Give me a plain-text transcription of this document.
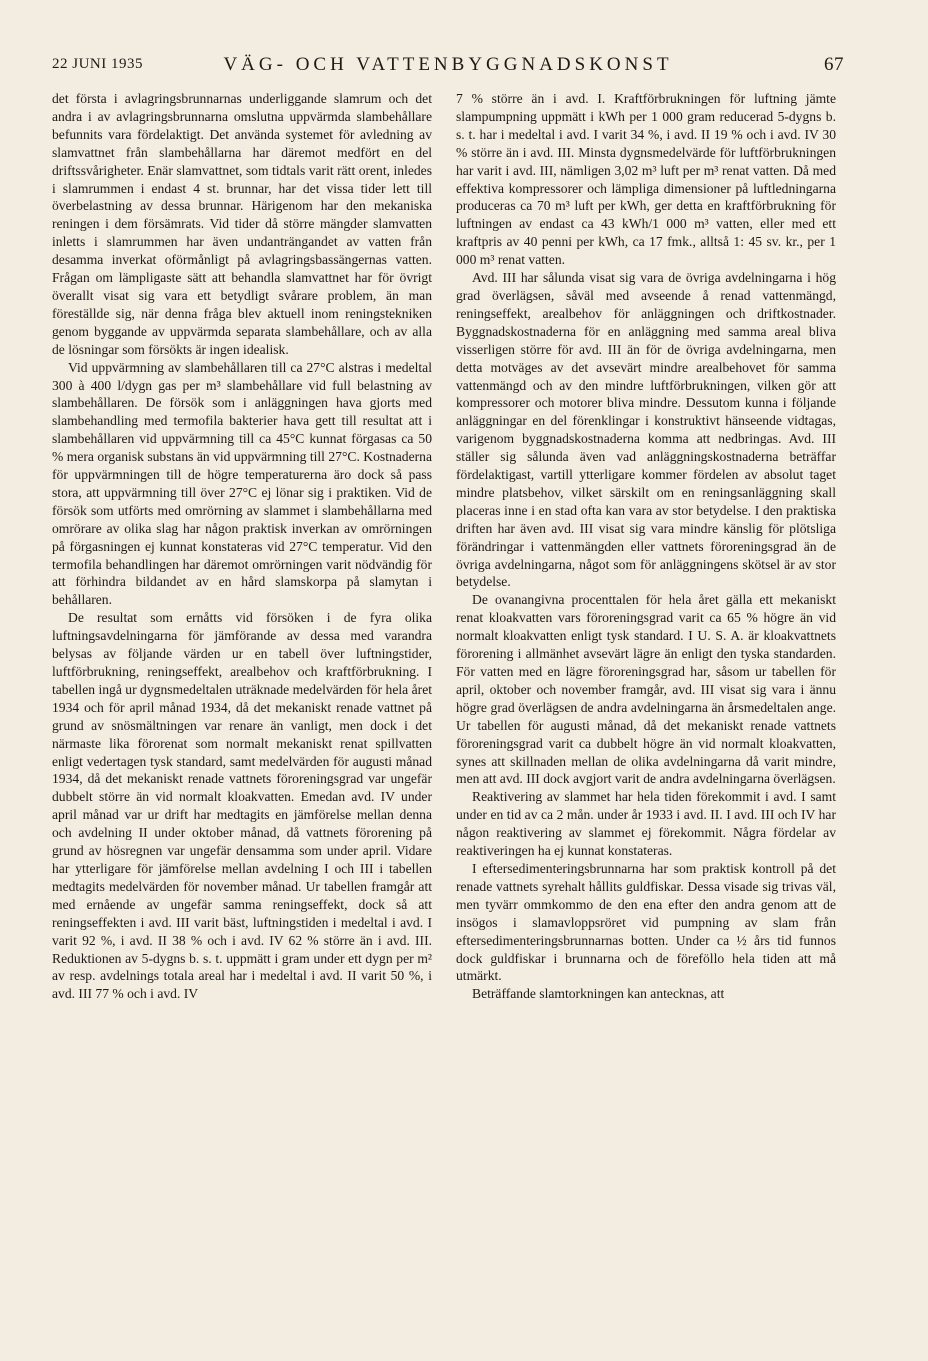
22 JUNI 1935	VÄG- OCH VATTENBYGGNADSKONST	67

det första i avlagringsbrunnarnas underliggande slamrum och det andra i av avlagringsbrunnarna omslutna uppvärmda slambehållare befunnits vara fördelaktigt. Det använda systemet för avledning av slamvattnet från slambehållarna har däremot medfört en del driftssvårigheter. Enär slamvattnet, som tidtals varit rätt orent, inledes i slamrummen i endast 4 st. brunnar, har det vissa tider lett till överbelastning av dessa brunnar. Härigenom har den mekaniska reningen i dem försämrats. Vid tider då större mängder slamvatten inletts i slamrummen har även undanträngandet av vatten från desamma inverkat oförmånligt på avlagringsbassängernas vatten. Frågan om lämpligaste sätt att behandla slamvattnet har för övrigt överallt visat sig vara ett betydligt svårare problem, än man föreställde sig, när denna fråga blev aktuell inom reningstekniken genom byggande av uppvärmda separata slambehållare, och av alla de lösningar som försökts är ingen idealisk.

Vid uppvärmning av slambehållaren till ca 27°C alstras i medeltal 300 à 400 l/dygn gas per m³ slambehållare vid full belastning av slambehållaren. De försök som i anläggningen hava gjorts med slambehandling med termofila bakterier hava gett till resultat att i slambehållaren vid uppvärmning till ca 45°C kunnat förgasas ca 50 % mera organisk substans än vid uppvärmning till 27°C. Kostnaderna för uppvärmningen till de högre temperaturerna äro dock så pass stora, att uppvärmning till över 27°C ej lönar sig i praktiken. Vid de försök som utförts med omrörning av slammet i slambehållarna med omrörare av olika slag har någon praktisk inverkan av omrörningen på förgasningen ej kunnat konstateras vid 27°C temperatur. Vid den termofila behandlingen har däremot omrörningen varit nödvändig för att förhindra bildandet av en hård slamskorpa på slamytan i behållaren.

De resultat som ernåtts vid försöken i de fyra olika luftningsavdelningarna för jämförande av dessa med varandra belysas av följande värden ur en tabell över luftningstider, luftförbrukning, reningseffekt, arealbehov och kraftförbrukning. I tabellen ingå ur dygnsmedeltalen uträknade medelvärden för hela året 1934 och för april månad 1934, då det mekaniskt renade vattnet på grund av snösmältningen var renare än vanligt, men dock i det närmaste lika förorenat som normalt mekaniskt renat spillvatten enligt vedertagen tysk standard, samt medelvärden för augusti månad 1934, då det mekaniskt renade vattnets föroreningsgrad var ungefär dubbelt större än vid normalt kloakvatten. Emedan avd. IV under april månad var ur drift har medtagits en jämförelse mellan denna och avdelning II under oktober månad, då vattnets förorening på grund av hösregnen var ungefär densamma som under april. Vidare har ytterligare för jämförelse mellan avdelning I och III i tabellen medtagits medelvärden för november månad. Ur tabellen framgår att med ernående av ungefär samma reningseffekt, dock så att reningseffekten i avd. III varit bäst, luftningstiden i medeltal i avd. I varit 92 %, i avd. II 38 % och i avd. IV 62 % större än i avd. III. Reduktionen av 5-dygns b. s. t. uppmätt i gram under ett dygn per m² av resp. avdelnings totala areal har i medeltal i avd. II varit 50 %, i avd. III 77 % och i avd. IV

7 % större än i avd. I. Kraftförbrukningen för luftning jämte slampumpning uppmätt i kWh per 1 000 gram reducerad 5-dygns b. s. t. har i medeltal i avd. I varit 34 %, i avd. II 19 % och i avd. IV 30 % större än i avd. III. Minsta dygnsmedelvärde för luftförbrukningen har varit i avd. III, nämligen 3,02 m³ luft per m³ renat vatten. Då med effektiva kompressorer och lämpliga dimensioner på luftledningarna produceras ca 70 m³ luft per kWh, ger detta en kraftförbrukning för luftningen av endast ca 43 kWh/1 000 m³ vatten, eller med ett kraftpris av 40 penni per kWh, ca 17 fmk., alltså 1: 45 sv. kr., per 1 000 m³ renat vatten.

Avd. III har sålunda visat sig vara de övriga avdelningarna i hög grad överlägsen, såväl med avseende å renad vattenmängd, reningseffekt, arealbehov för anläggningen och driftkostnader. Byggnadskostnaderna för en anläggning med samma areal bliva visserligen större för avd. III än för de övriga avdelningarna, men detta motväges av det avsevärt mindre arealbehovet för samma vattenmängd och av den mindre luftförbrukningen, vilken gör att kompressorer och motorer bliva mindre. Dessutom kunna i följande anläggningar en del förenklingar i konstruktivt hänseende vidtagas, varigenom byggnadskostnaderna komma att nedbringas. Avd. III ställer sig sålunda även vad anläggningskostnaderna beträffar fördelaktigast, vartill ytterligare kommer fördelen av absolut taget mindre platsbehov, vilket särskilt om en reningsanläggning skall placeras inne i en stad ofta kan vara av stor betydelse. I den praktiska driften har även avd. III visat sig vara mindre känslig för plötsliga förändringar i vattenmängden eller vattnets föroreningsgrad än de övriga avdelningarna, något som för anläggningens skötsel är av stor betydelse.

De ovanangivna procenttalen för hela året gälla ett mekaniskt renat kloakvatten vars föroreningsgrad varit ca 65 % högre än vid normalt kloakvatten enligt tysk standard. I U. S. A. är kloakvattnets förorening i allmänhet avsevärt lägre än enligt den tyska standarden. För vatten med en lägre föroreningsgrad har, såsom ur tabellen för april, oktober och november framgår, avd. III visat sig vara i ännu högre grad överlägsen de andra avdelningarna än årsmedeltalen ange. Ur tabellen för augusti månad, då det mekaniskt renade vattnets föroreningsgrad varit ca dubbelt högre än vid normalt kloakvatten, synes att skillnaden mellan de olika avdelningarna då varit mindre, men att avd. III dock avgjort varit de andra avdelningarna överlägsen.

Reaktivering av slammet har hela tiden förekommit i avd. I samt under en tid av ca 2 mån. under år 1933 i avd. II. I avd. III och IV har någon reaktivering av slammet ej förekommit. Några fördelar av reaktiveringen ha ej kunnat konstateras.

I eftersedimenteringsbrunnarna har som praktisk kontroll på det renade vattnets syrehalt hållits guldfiskar. Dessa visade sig trivas väl, men tyvärr ommkommo de den ena efter den andra genom att de insögos i slamavloppsröret vid pumpning av slam från eftersedimenteringsbrunnarnas botten. Under ca ½ års tid funnos dock guldfiskar i brunnarna och de föreföllo hela tiden att må utmärkt.

Beträffande slamtorkningen kan antecknas, att
